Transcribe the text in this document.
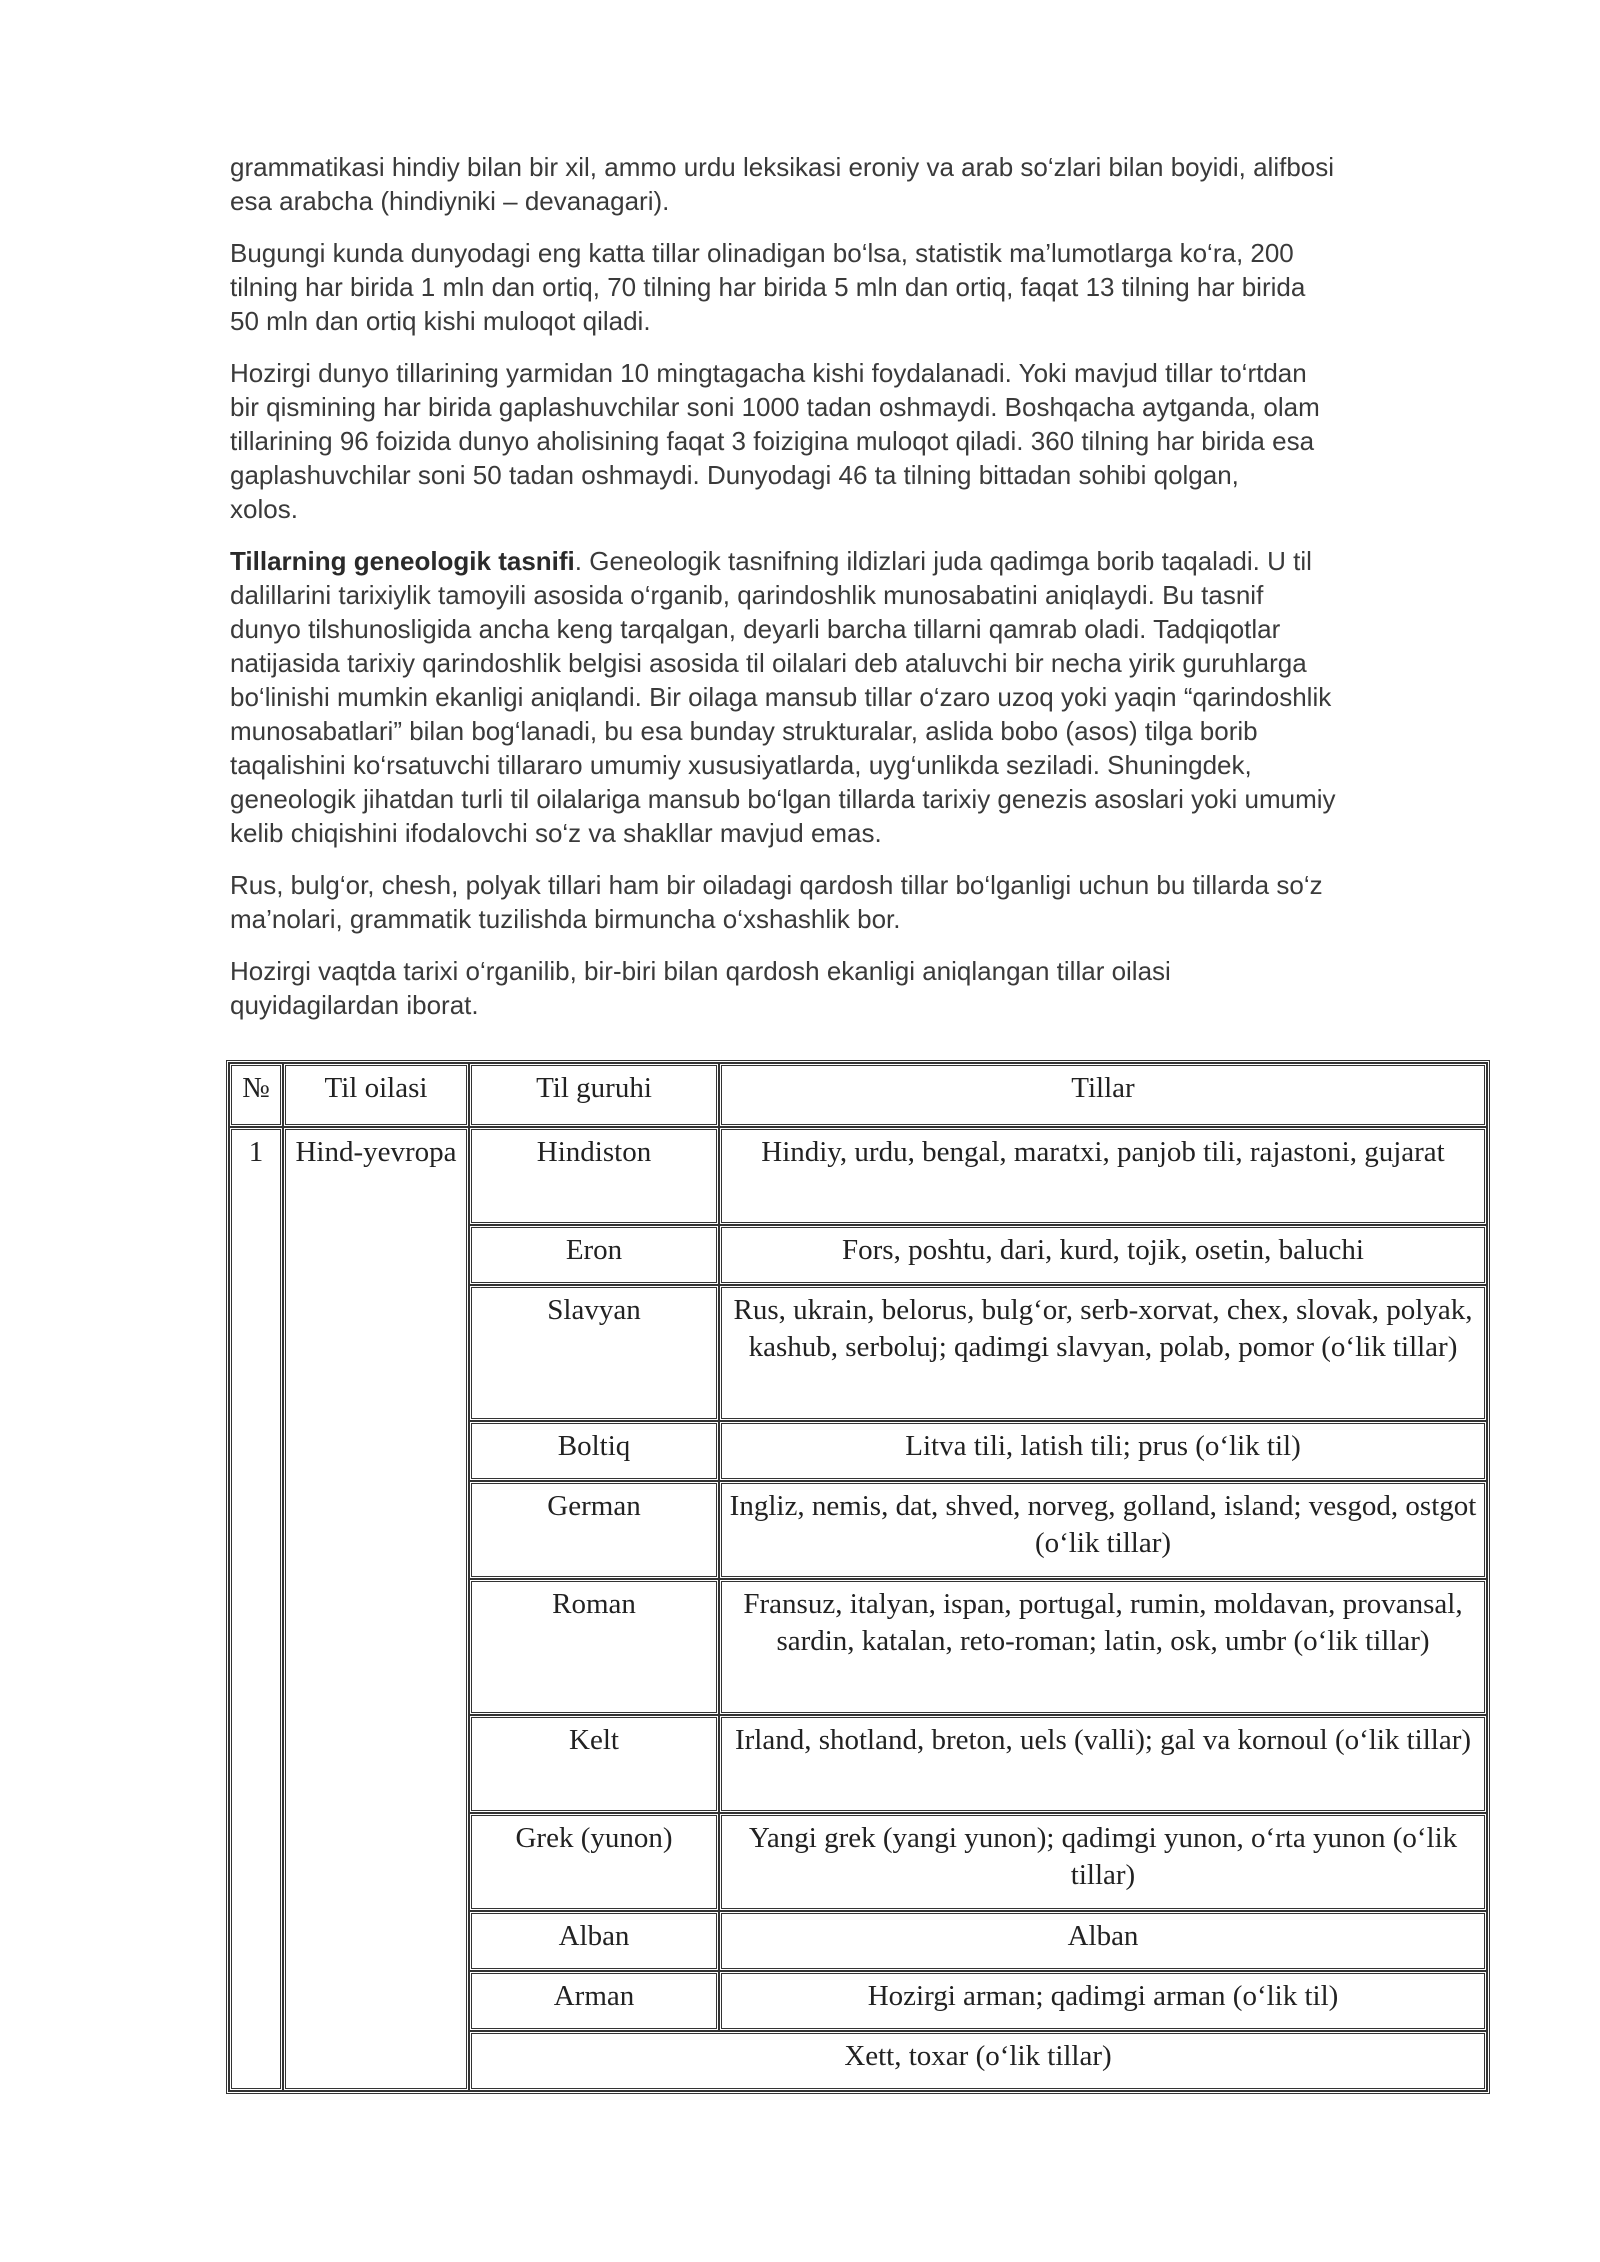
grammatikasi hindiy bilan bir xil, ammo urdu leksikasi eroniy va arab so‘zlari bilan boyidi, alifbosi
esa arabcha (hindiyniki – devanagari).

Bugungi kunda dunyodagi eng katta tillar olinadigan bo‘lsa, statistik ma’lumotlarga ko‘ra, 200
tilning har birida 1 mln dan ortiq, 70 tilning har birida 5 mln dan ortiq, faqat 13 tilning har birida
50 mln dan ortiq kishi muloqot qiladi.

Hozirgi dunyo tillarining yarmidan 10 mingtagacha kishi foydalanadi. Yoki mavjud tillar to‘rtdan
bir qismining har birida gaplashuvchilar soni 1000 tadan oshmaydi. Boshqacha aytganda, olam
tillarining 96 foizida dunyo aholisining faqat 3 foizigina muloqot qiladi. 360 tilning har birida esa
gaplashuvchilar soni 50 tadan oshmaydi. Dunyodagi 46 ta tilning bittadan sohibi qolgan,
xolos.

Tillarning geneologik tasnifi. Geneologik tasnifning ildizlari juda qadimga borib taqaladi. U til
dalillarini tarixiylik tamoyili asosida o‘rganib, qarindoshlik munosabatini aniqlaydi. Bu tasnif
dunyo tilshunosligida ancha keng tarqalgan, deyarli barcha tillarni qamrab oladi. Tadqiqotlar
natijasida tarixiy qarindoshlik belgisi asosida til oilalari deb ataluvchi bir necha yirik guruhlarga
bo‘linishi mumkin ekanligi aniqlandi. Bir oilaga mansub tillar o‘zaro uzoq yoki yaqin “qarindoshlik
munosabatlari” bilan bog‘lanadi, bu esa bunday strukturalar, aslida bobo (asos) tilga borib
taqalishini ko‘rsatuvchi tillararo umumiy xususiyatlarda, uyg‘unlikda seziladi. Shuningdek,
geneologik jihatdan turli til oilalariga mansub bo‘lgan tillarda tarixiy genezis asoslari yoki umumiy
kelib chiqishini ifodalovchi so‘z va shakllar mavjud emas.

Rus, bulg‘or, chesh, polyak tillari ham bir oiladagi qardosh tillar bo‘lganligi uchun bu tillarda so‘z
ma’nolari, grammatik tuzilishda birmuncha o‘xshashlik bor.

Hozirgi vaqtda tarixi o‘rganilib, bir-biri bilan qardosh ekanligi aniqlangan tillar oilasi
quyidagilardan iborat.

№	Til oilasi	Til guruhi	Tillar
1	Hind-yevropa	Hindiston	Hindiy, urdu, bengal, maratxi, panjob tili, rajastoni, gujarat
		Eron	Fors, poshtu, dari, kurd, tojik, osetin, baluchi
		Slavyan	Rus, ukrain, belorus, bulg‘or, serb-xorvat, chex, slovak, polyak, kashub, serboluj; qadimgi slavyan, polab, pomor (o‘lik tillar)
		Boltiq	Litva tili, latish tili; prus (o‘lik til)
		German	Ingliz, nemis, dat, shved, norveg, golland, island; vesgod, ostgot (o‘lik tillar)
		Roman	Fransuz, italyan, ispan, portugal, rumin, moldavan, provansal, sardin, katalan, reto-roman; latin, osk, umbr (o‘lik tillar)
		Kelt	Irland, shotland, breton, uels (valli); gal va kornoul (o‘lik tillar)
		Grek (yunon)	Yangi grek (yangi yunon); qadimgi yunon, o‘rta yunon (o‘lik tillar)
		Alban	Alban
		Arman	Hozirgi arman; qadimgi arman (o‘lik til)
		Xett, toxar (o‘lik tillar)	
